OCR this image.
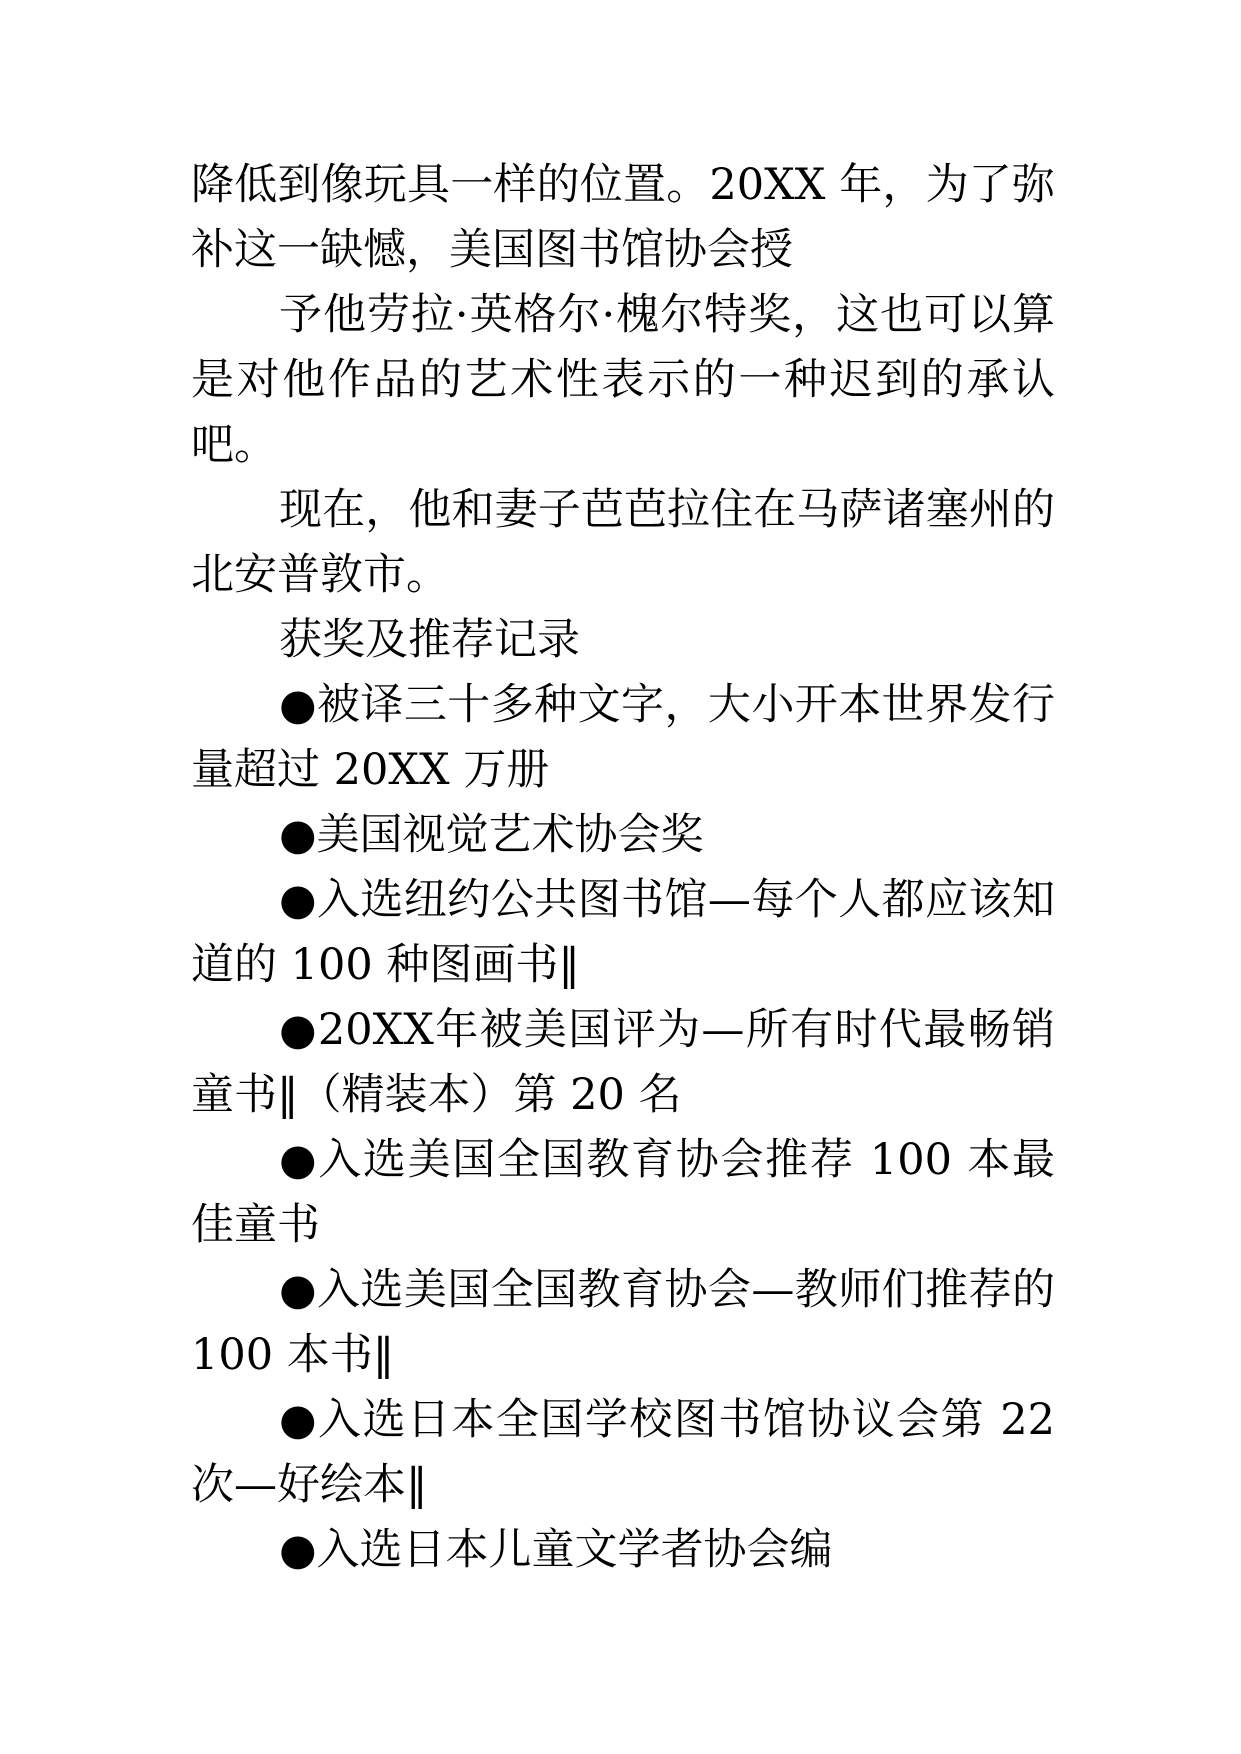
降低到像玩具一样的位置。20XX 年，为了弥补这一缺憾，美国图书馆协会授

予他劳拉·英格尔·槐尔特奖，这也可以算是对他作品的艺术性表示的一种迟到的承认吧。

现在，他和妻子芭芭拉住在马萨诸塞州的北安普敦市。

获奖及推荐记录

●被译三十多种文字，大小开本世界发行量超过 20XX 万册

●美国视觉艺术协会奖

●入选纽约公共图书馆—每个人都应该知道的 100 种图画书‖

●20XX年被美国评为—所有时代最畅销童书‖（精装本）第 20 名

●入选美国全国教育协会推荐 100 本最佳童书

●入选美国全国教育协会—教师们推荐的 100 本书‖

●入选日本全国学校图书馆协议会第 22 次—好绘本‖

●入选日本儿童文学者协会编
